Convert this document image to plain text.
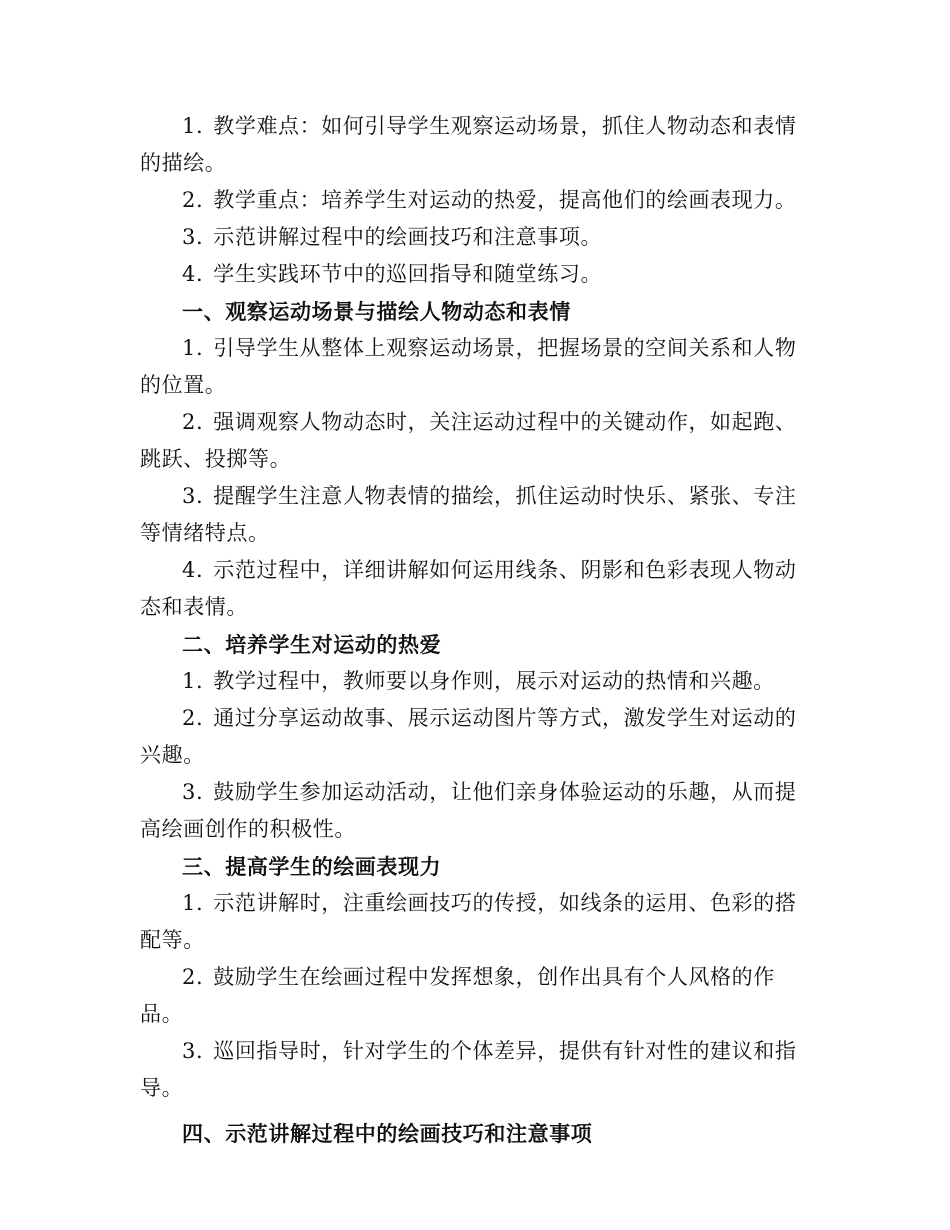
1. 教学难点：如何引导学生观察运动场景，抓住人物动态和表情的描绘。

2. 教学重点：培养学生对运动的热爱，提高他们的绘画表现力。

3. 示范讲解过程中的绘画技巧和注意事项。

4. 学生实践环节中的巡回指导和随堂练习。

一、观察运动场景与描绘人物动态和表情

1. 引导学生从整体上观察运动场景，把握场景的空间关系和人物的位置。

2. 强调观察人物动态时，关注运动过程中的关键动作，如起跑、跳跃、投掷等。

3. 提醒学生注意人物表情的描绘，抓住运动时快乐、紧张、专注等情绪特点。

4. 示范过程中，详细讲解如何运用线条、阴影和色彩表现人物动态和表情。

二、培养学生对运动的热爱

1. 教学过程中，教师要以身作则，展示对运动的热情和兴趣。

2. 通过分享运动故事、展示运动图片等方式，激发学生对运动的兴趣。

3. 鼓励学生参加运动活动，让他们亲身体验运动的乐趣，从而提高绘画创作的积极性。

三、提高学生的绘画表现力

1. 示范讲解时，注重绘画技巧的传授，如线条的运用、色彩的搭配等。

2. 鼓励学生在绘画过程中发挥想象，创作出具有个人风格的作品。

3. 巡回指导时，针对学生的个体差异，提供有针对性的建议和指导。

四、示范讲解过程中的绘画技巧和注意事项
